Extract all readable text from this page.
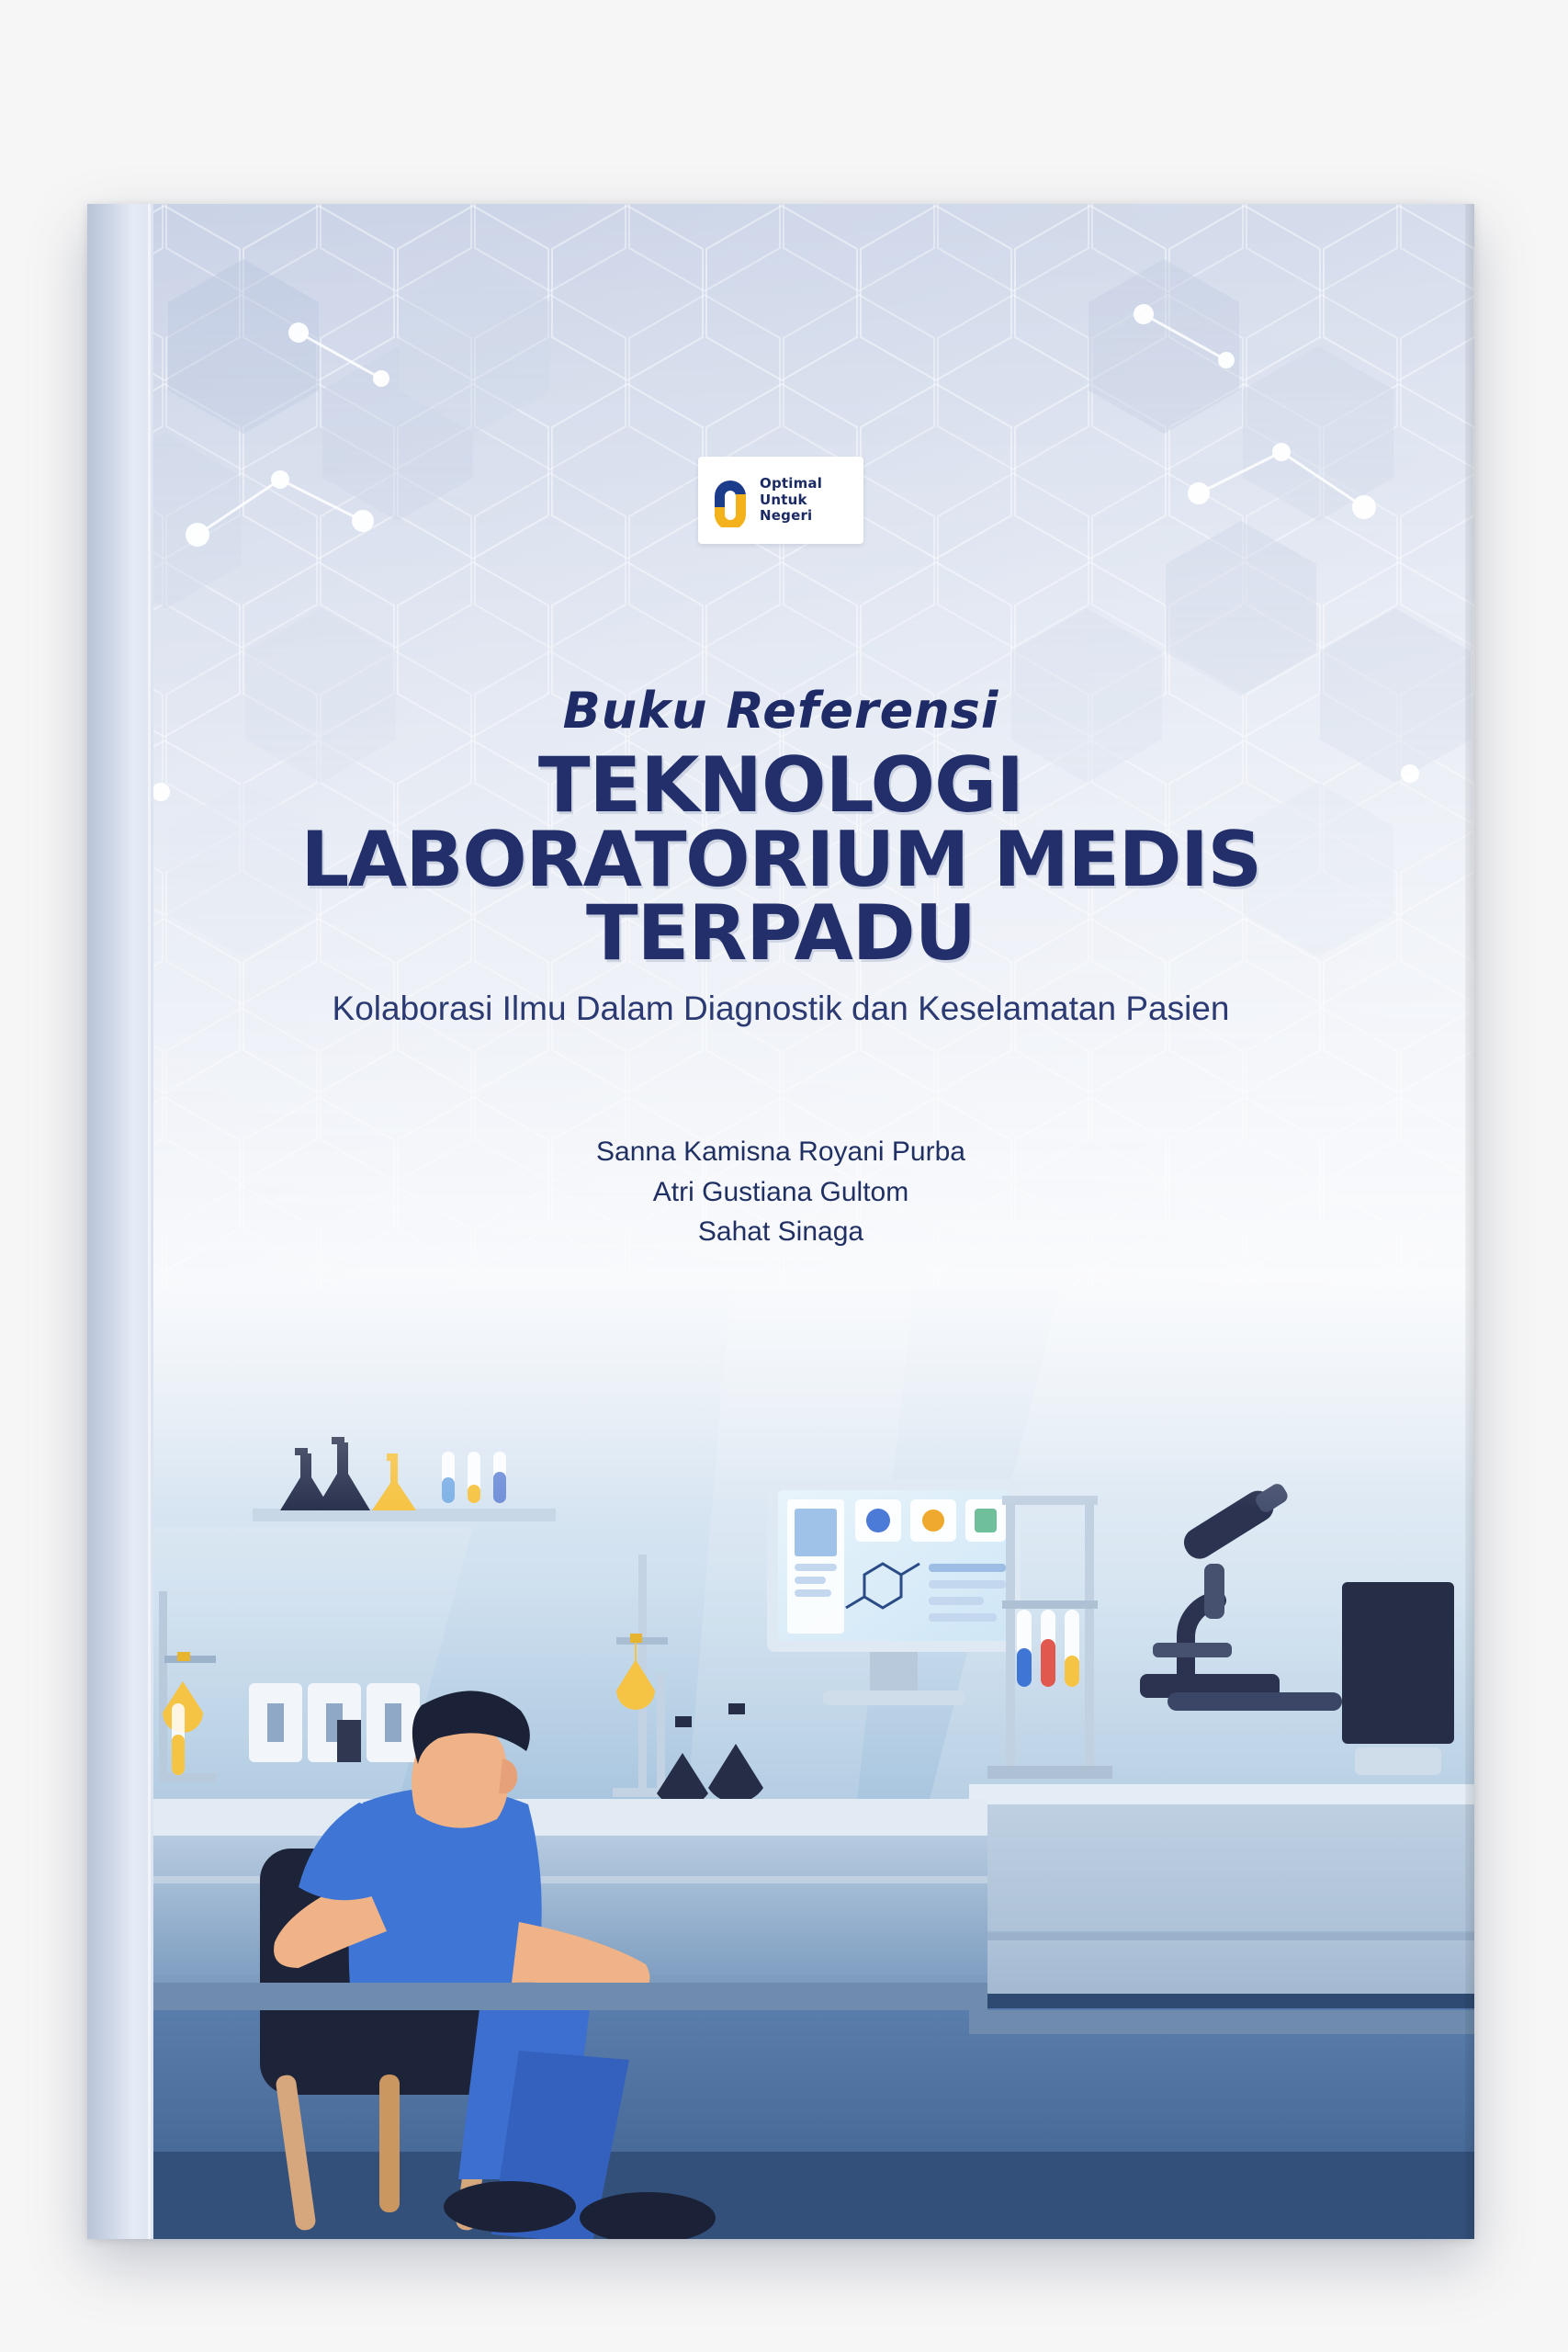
Optimal
Untuk
Negeri
Buku Referensi
TEKNOLOGI
LABORATORIUM MEDIS
TERPADU
Kolaborasi Ilmu Dalam Diagnostik dan Keselamatan Pasien
Sanna Kamisna Royani Purba
Atri Gustiana Gultom
Sahat Sinaga
